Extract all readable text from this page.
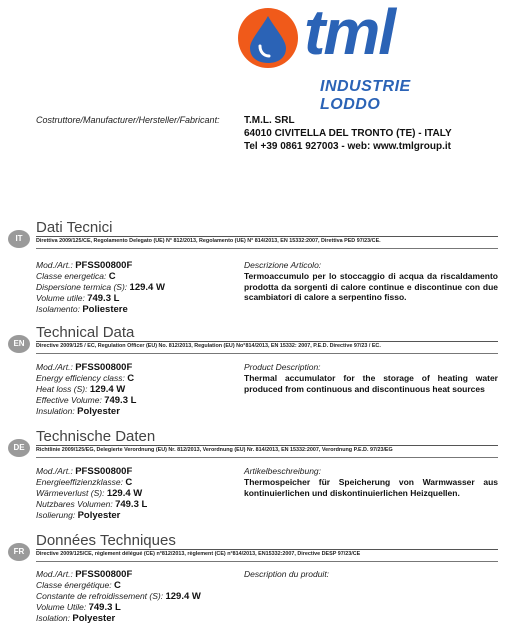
tml
INDUSTRIE LODDO
Costruttore/Manufacturer/Hersteller/Fabricant: T.M.L. SRL
64010 CIVITELLA DEL TRONTO (TE) - ITALY
Tel +39 0861 927003 - web: www.tmlgroup.it
IT
Dati Tecnici
Direttiva 2009/125/CE, Regolamento Delegato (UE) N° 812/2013, Regolamento (UE) N° 814/2013, EN 15332:2007, Direttiva PED 97/23/CE.
Mod./Art.: PFSS00800F
Classe energetica: C
Dispersione termica (S): 129.4 W
Volume utile: 749.3 L
Isolamento: Poliestere
Descrizione Articolo:
Termoaccumulo per lo stoccaggio di acqua da riscaldamento prodotta da sorgenti di calore continue e discontinue con due scambiatori di calore a serpentino fisso.
EN
Technical Data
Directive 2009/125 / EC, Regulation Officer (EU) No. 812/2013, Regulation (EU) No°814/2013, EN 15332: 2007, P.E.D. Directive 97/23 / EC.
Mod./Art.: PFSS00800F
Energy efficiency class: C
Heat loss (S): 129.4 W
Effective Volume: 749.3 L
Insulation: Polyester
Product Description:
Thermal accumulator for the storage of heating water produced from continuous and discontinuous heat sources
DE
Technische Daten
Richtlinie 2009/125/EG, Delegierte Verordnung (EU) Nr. 812/2013, Verordnung (EU) Nr. 814/2013, EN 15332:2007, Verordnung P.E.D. 97/23/EG
Mod./Art.: PFSS00800F
Energieeffizienzklasse: C
Wärmeverlust (S): 129.4 W
Nutzbares Volumen: 749.3 L
Isolierung: Polyester
Artikelbeschreibung:
Thermospeicher für Speicherung von Warmwasser aus kontinuierlichen und diskontinuierlichen Heizquellen.
FR
Données Techniques
Directive 2009/125/CE, règlement délégué (CE) n°812/2013, règlement (CE) n°814/2013, EN15332:2007, Directive DESP 97/23/CE
Mod./Art.: PFSS00800F
Classe énergétique: C
Constante de refroidissement (S): 129.4 W
Volume Utile: 749.3 L
Isolation: Polyester
Description du produit:
